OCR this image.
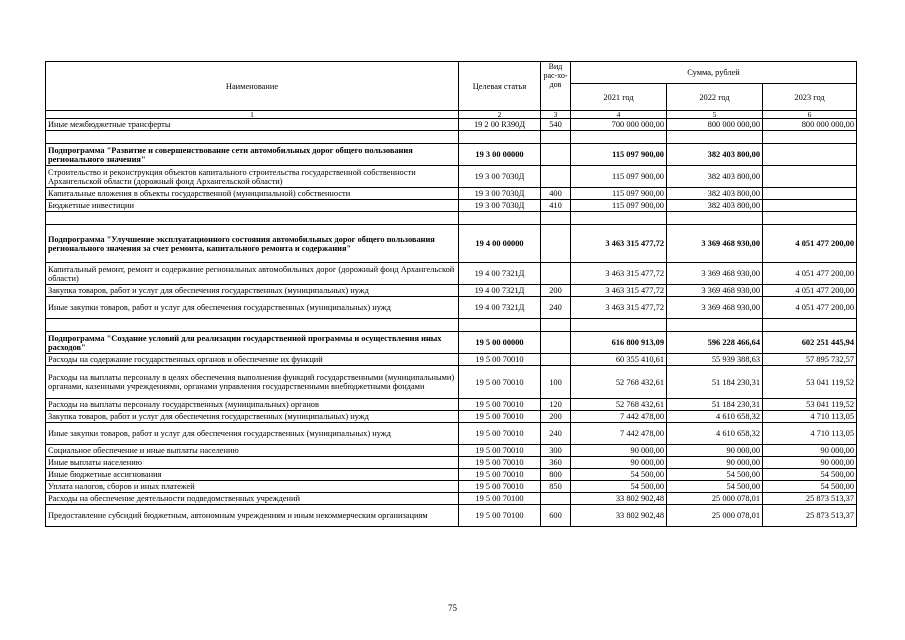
Наименование	Целевая статья	Вид рас-хо-дов	Сумма, рублей		
			2021 год	2022 год	2023 год
1	2	3	4	5	6
Иные межбюджетные трансферты	19 2 00 R390Д	540	700 000 000,00	800 000 000,00	800 000 000,00

Подпрограмма "Развитие и совершенствование сети автомобильных дорог общего пользования регионального значения"	19 3 00 00000		115 097 900,00	382 403 800,00	
Строительство и реконструкция объектов капитального строительства государственной собственности Архангельской области (дорожный фонд Архангельской области)	19 3 00 7030Д		115 097 900,00	382 403 800,00	
Капитальные вложения в объекты государственной (муниципальной) собственности	19 3 00 7030Д	400	115 097 900,00	382 403 800,00	
Бюджетные инвестиции	19 3 00 7030Д	410	115 097 900,00	382 403 800,00	

Подпрограмма "Улучшение эксплуатационного состояния автомобильных дорог общего пользования регионального значения за счет ремонта, капитального ремонта и содержания"	19 4 00 00000		3 463 315 477,72	3 369 468 930,00	4 051 477 200,00
Капитальный ремонт, ремонт и содержание региональных автомобильных дорог (дорожный фонд Архангельской области)	19 4 00 7321Д		3 463 315 477,72	3 369 468 930,00	4 051 477 200,00
Закупка товаров, работ и услуг для обеспечения государственных (муниципальных) нужд	19 4 00 7321Д	200	3 463 315 477,72	3 369 468 930,00	4 051 477 200,00
Иные закупки товаров, работ и услуг для обеспечения государственных (муниципальных) нужд	19 4 00 7321Д	240	3 463 315 477,72	3 369 468 930,00	4 051 477 200,00

Подпрограмма "Создание условий для реализации государственной программы и осуществления иных расходов"	19 5 00 00000		616 800 913,09	596 228 466,64	602 251 445,94
Расходы на содержание государственных органов и обеспечение их функций	19 5 00 70010		60 355 410,61	55 939 388,63	57 895 732,57
Расходы на выплаты персоналу в целях обеспечения выполнения функций государственными (муниципальными) органами, казенными учреждениями, органами управления государственными внебюджетными фондами	19 5 00 70010	100	52 768 432,61	51 184 230,31	53 041 119,52
Расходы на выплаты персоналу государственных (муниципальных) органов	19 5 00 70010	120	52 768 432,61	51 184 230,31	53 041 119,52
Закупка товаров, работ и услуг для обеспечения государственных (муниципальных) нужд	19 5 00 70010	200	7 442 478,00	4 610 658,32	4 710 113,05
Иные закупки товаров, работ и услуг для обеспечения государственных (муниципальных) нужд	19 5 00 70010	240	7 442 478,00	4 610 658,32	4 710 113,05
Социальное обеспечение и иные выплаты населению	19 5 00 70010	300	90 000,00	90 000,00	90 000,00
Иные выплаты населению	19 5 00 70010	360	90 000,00	90 000,00	90 000,00
Иные бюджетные ассигнования	19 5 00 70010	800	54 500,00	54 500,00	54 500,00
Уплата налогов, сборов и иных платежей	19 5 00 70010	850	54 500,00	54 500,00	54 500,00
Расходы на обеспечение деятельности подведомственных учреждений	19 5 00 70100		33 802 902,48	25 000 078,01	25 873 513,37
Предоставление субсидий бюджетным, автономным учреждениям и иным некоммерческим организациям	19 5 00 70100	600	33 802 902,48	25 000 078,01	25 873 513,37
75
